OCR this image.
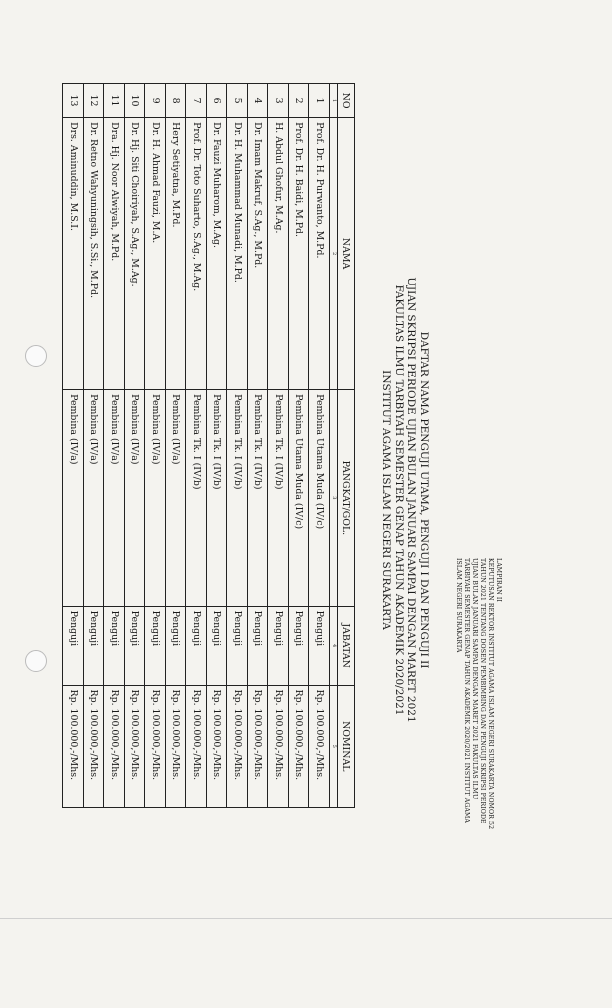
LAMPIRAN II
KEPUTUSAN REKTOR INSTITUT AGAMA ISLAM NEGERI SURAKARTA NOMOR 52
TAHUN 2021 TENTANG DOSEN PEMBIMBING DAN PENGUJI SKRIPSI PERIODE
UJIAN BULAN JANUARI SAMPAI DENGAN MARET 2021 FAKULTAS ILMU
TARBIYAH SEMESTER GENAP TAHUN AKADEMIK 2020/2021 INSTITUT AGAMA
ISLAM NEGERI SURAKARTA
DAFTAR NAMA PENGUJI UTAMA, PENGUJI I DAN PENGUJI II
UJIAN SKRIPSI PERIODE UJIAN BULAN JANUARI SAMPAI DENGAN MARET 2021
FAKULTAS ILMU TARBIYAH SEMESTER GENAP TAHUN AKADEMIK 2020/2021
INSTITUT AGAMA ISLAM NEGERI SURAKARTA
NO	NAMA	PANGKAT/GOL.	JABATAN	NOMINAL
1	2	3	4	5
1	Prof. Dr. H. Purwanto, M.Pd.	Pembina Utama Muda (IV/c)	Penguji	Rp. 100.000,-/Mhs.
2	Prof. Dr. H. Baidi, M.Pd.	Pembina Utama Muda (IV/c)	Penguji	Rp. 100.000,-/Mhs.
3	H. Abdul Ghofur, M.Ag.	Pembina Tk. I (IV/b)	Penguji	Rp. 100.000,-/Mhs.
4	Dr. Imam Makruf, S.Ag., M.Pd.	Pembina Tk. I (IV/b)	Penguji	Rp. 100.000,-/Mhs.
5	Dr. H. Muhammad Munadi, M.Pd.	Pembina Tk. I (IV/b)	Penguji	Rp. 100.000,-/Mhs.
6	Dr. Fauzi Muharom, M.Ag.	Pembina Tk. I (IV/b)	Penguji	Rp. 100.000,-/Mhs.
7	Prof. Dr. Toto Suharto, S.Ag., M.Ag.	Pembina Tk. I (IV/b)	Penguji	Rp. 100.000,-/Mhs.
8	Hery Setiyatna, M.Pd.	Pembina (IV/a)	Penguji	Rp. 100.000,-/Mhs.
9	Dr. H. Ahmad Fauzi, M.A.	Pembina (IV/a)	Penguji	Rp. 100.000,-/Mhs.
10	Dr. Hj. Siti Choiriyah, S.Ag., M.Ag.	Pembina (IV/a)	Penguji	Rp. 100.000,-/Mhs.
11	Dra. Hj. Noor Alwiyah, M.Pd.	Pembina (IV/a)	Penguji	Rp. 100.000,-/Mhs.
12	Dr. Retno Wahyuningsih, S.Si., M.Pd.	Pembina (IV/a)	Penguji	Rp. 100.000,-/Mhs.
13	Drs. Aminuddin, M.S.I.	Pembina (IV/a)	Penguji	Rp. 100.000,-/Mhs.
